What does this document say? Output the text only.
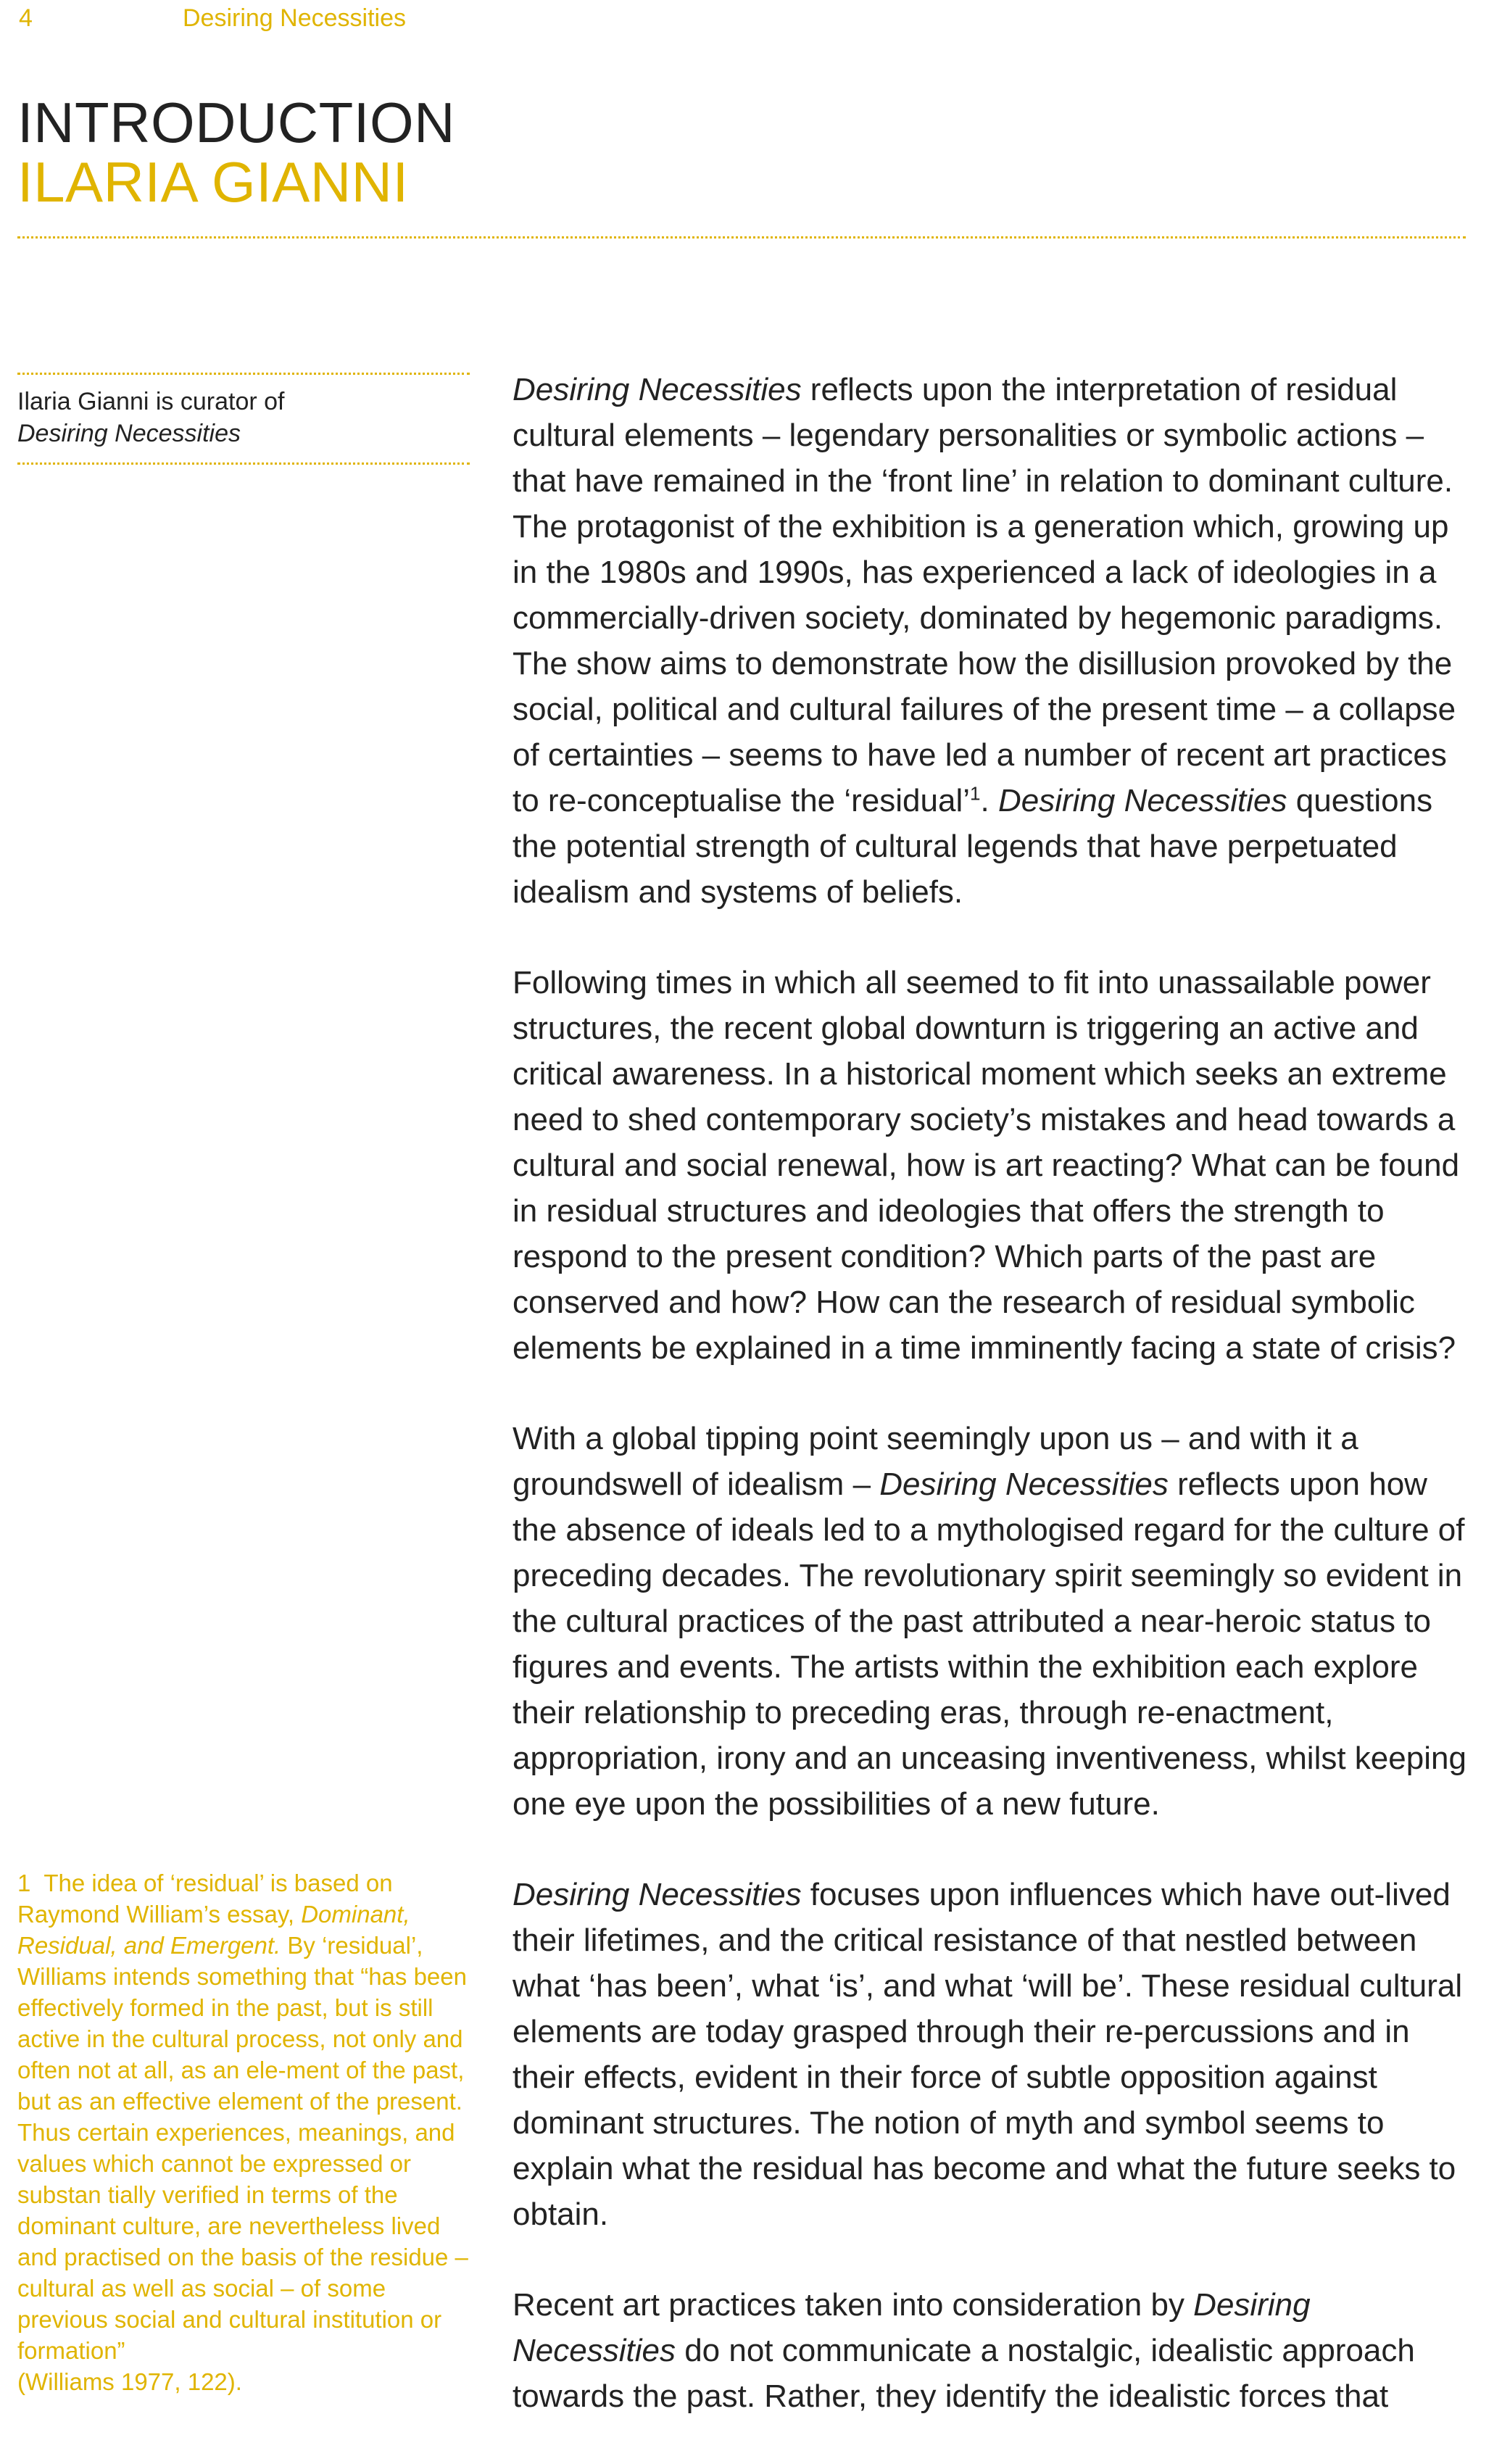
4	Desiring Necessities
INTRODUCTION
ILARIA GIANNI
Ilaria Gianni is curator of
Desiring Necessities

Desiring Necessities reflects upon the interpretation of residual cultural elements – legendary personalities or symbolic actions – that have remained in the ‘front line’ in relation to dominant culture. The protagonist of the exhibition is a generation which, growing up in the 1980s and 1990s, has experienced a lack of ideologies in a commercially-driven society, dominated by hegemonic paradigms. The show aims to demonstrate how the disillusion provoked by the social, political and cultural failures of the present time – a collapse of certainties – seems to have led a number of recent art practices to re-conceptualise the ‘residual’$^1$. Desiring Necessities questions the potential strength of cultural legends that have perpetuated idealism and systems of beliefs.

Following times in which all seemed to fit into unassailable power structures, the recent global downturn is triggering an active and critical awareness. In a historical moment which seeks an extreme need to shed contemporary society’s mistakes and head towards a cultural and social renewal, how is art reacting? What can be found in residual structures and ideologies that offers the strength to respond to the present condition? Which parts of the past are conserved and how? How can the research of residual symbolic elements be explained in a time imminently facing a state of crisis?

With a global tipping point seemingly upon us – and with it a groundswell of idealism – Desiring Necessities reflects upon how the absence of ideals led to a mythologised regard for the culture of preceding decades. The revolutionary spirit seemingly so evident in the cultural practices of the past attributed a near-heroic status to figures and events. The artists within the exhibition each explore their relationship to preceding eras, through re-enactment, appropriation, irony and an unceasing inventiveness, whilst keeping one eye upon the possibilities of a new future.

Desiring Necessities focuses upon influences which have out-lived their lifetimes, and the critical resistance of that nestled between what ‘has been’, what ‘is’, and what ‘will be’. These residual cultural elements are today grasped through their re-percussions and in their effects, evident in their force of subtle opposition against dominant structures. The notion of myth and symbol seems to explain what the residual has become and what the future seeks to obtain.

Recent art practices taken into consideration by Desiring Necessities do not communicate a nostalgic, idealistic approach towards the past. Rather, they identify the idealistic forces that

1 The idea of ‘residual’ is based on Raymond William’s essay, Dominant, Residual, and Emergent. By ‘residual’, Williams intends something that “has been effectively formed in the past, but is still active in the cultural process, not only and often not at all, as an ele-ment of the past, but as an effective element of the present. Thus certain experiences, meanings, and values which cannot be expressed or substan tially verified in terms of the dominant culture, are nevertheless lived and practised on the basis of the residue – cultural as well as social – of some previous social and cultural institution or formation”
(Williams 1977, 122).
